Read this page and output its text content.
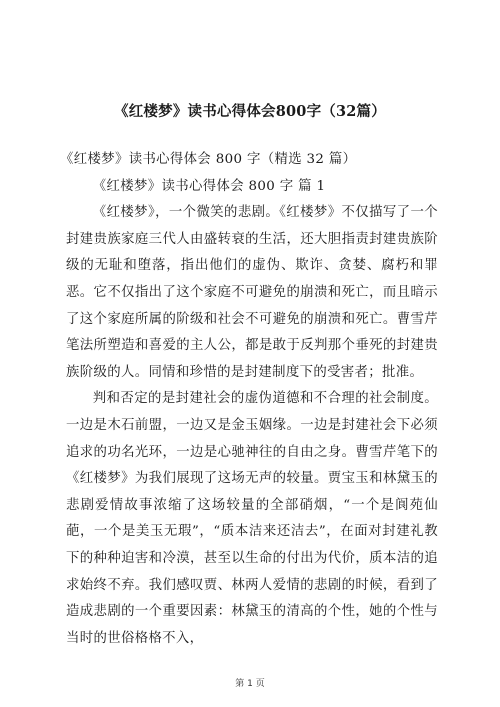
《红楼梦》读书心得体会800字（32篇）

《红楼梦》读书心得体会 800 字（精选 32 篇）

《红楼梦》读书心得体会 800 字 篇 1

《红楼梦》，一个微笑的悲剧。《红楼梦》不仅描写了一个封建贵族家庭三代人由盛转衰的生活，还大胆指责封建贵族阶级的无耻和堕落，指出他们的虚伪、欺诈、贪婪、腐朽和罪恶。它不仅指出了这个家庭不可避免的崩溃和死亡，而且暗示了这个家庭所属的阶级和社会不可避免的崩溃和死亡。曹雪芹笔法所塑造和喜爱的主人公，都是敢于反判那个垂死的封建贵族阶级的人。同情和珍惜的是封建制度下的受害者；批准。

判和否定的是封建社会的虚伪道德和不合理的社会制度。一边是木石前盟，一边又是金玉姻缘。一边是封建社会下必须追求的功名光环，一边是心驰神往的自由之身。曹雪芹笔下的《红楼梦》为我们展现了这场无声的较量。贾宝玉和林黛玉的悲剧爱情故事浓缩了这场较量的全部硝烟，“一个是阆苑仙葩，一个是美玉无瑕”，“质本洁来还洁去”，在面对封建礼教下的种种迫害和冷漠，甚至以生命的付出为代价，质本洁的追求始终不弃。我们感叹贾、林两人爱情的悲剧的时候，看到了造成悲剧的一个重要因素：林黛玉的清高的个性，她的个性与当时的世俗格格不入，

第 1 页
